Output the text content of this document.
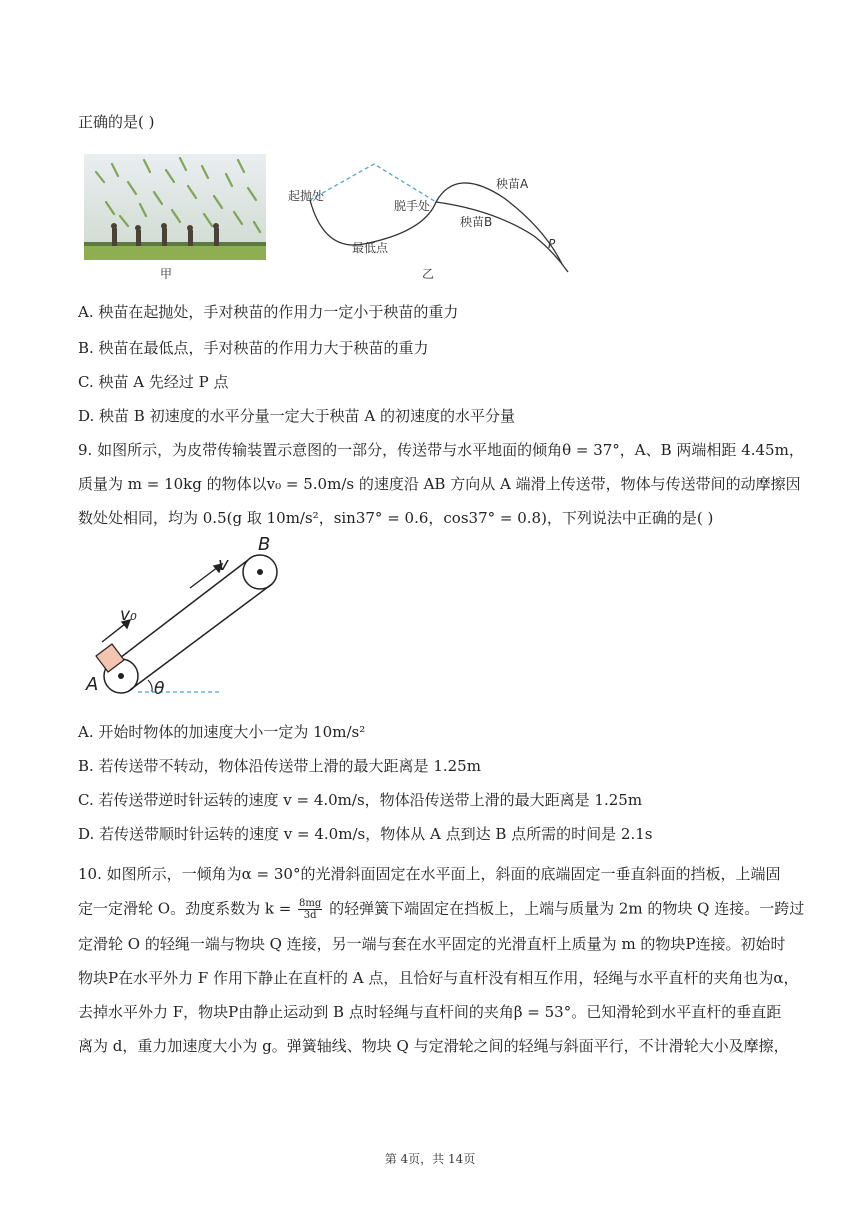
正确的是( )
甲
起抛处
脱手处
最低点
秧苗A
秧苗B
P
乙
A. 秧苗在起抛处，手对秧苗的作用力一定小于秧苗的重力
B. 秧苗在最低点，手对秧苗的作用力大于秧苗的重力
C. 秧苗 A 先经过 P 点
D. 秧苗 B 初速度的水平分量一定大于秧苗 A 的初速度的水平分量
9. 如图所示，为皮带传输装置示意图的一部分，传送带与水平地面的倾角θ = 37°，A、B 两端相距 4.45m，
质量为 m = 10kg 的物体以v₀ = 5.0m/s 的速度沿 AB 方向从 A 端滑上传送带，物体与传送带间的动摩擦因
数处处相同，均为 0.5(g 取 10m/s²，sin37° = 0.6，cos37° = 0.8)，下列说法中正确的是( )
A
B
v
v₀
θ
A. 开始时物体的加速度大小一定为 10m/s²
B. 若传送带不转动，物体沿传送带上滑的最大距离是 1.25m
C. 若传送带逆时针运转的速度 v = 4.0m/s，物体沿传送带上滑的最大距离是 1.25m
D. 若传送带顺时针运转的速度 v = 4.0m/s，物体从 A 点到达 B 点所需的时间是 2.1s
10. 如图所示，一倾角为α = 30°的光滑斜面固定在水平面上，斜面的底端固定一垂直斜面的挡板，上端固
定一定滑轮 O。劲度系数为 $k = \frac{8mg}{3d}$ 的轻弹簧下端固定在挡板上，上端与质量为 2m 的物块 Q 连接。一跨过
定滑轮 O 的轻绳一端与物块 Q 连接，另一端与套在水平固定的光滑直杆上质量为 m 的物块P连接。初始时
物块P在水平外力 F 作用下静止在直杆的 A 点，且恰好与直杆没有相互作用，轻绳与水平直杆的夹角也为α，
去掉水平外力 F，物块P由静止运动到 B 点时轻绳与直杆间的夹角β = 53°。已知滑轮到水平直杆的垂直距
离为 d，重力加速度大小为 g。弹簧轴线、物块 Q 与定滑轮之间的轻绳与斜面平行，不计滑轮大小及摩擦，
第 4页，共 14页
